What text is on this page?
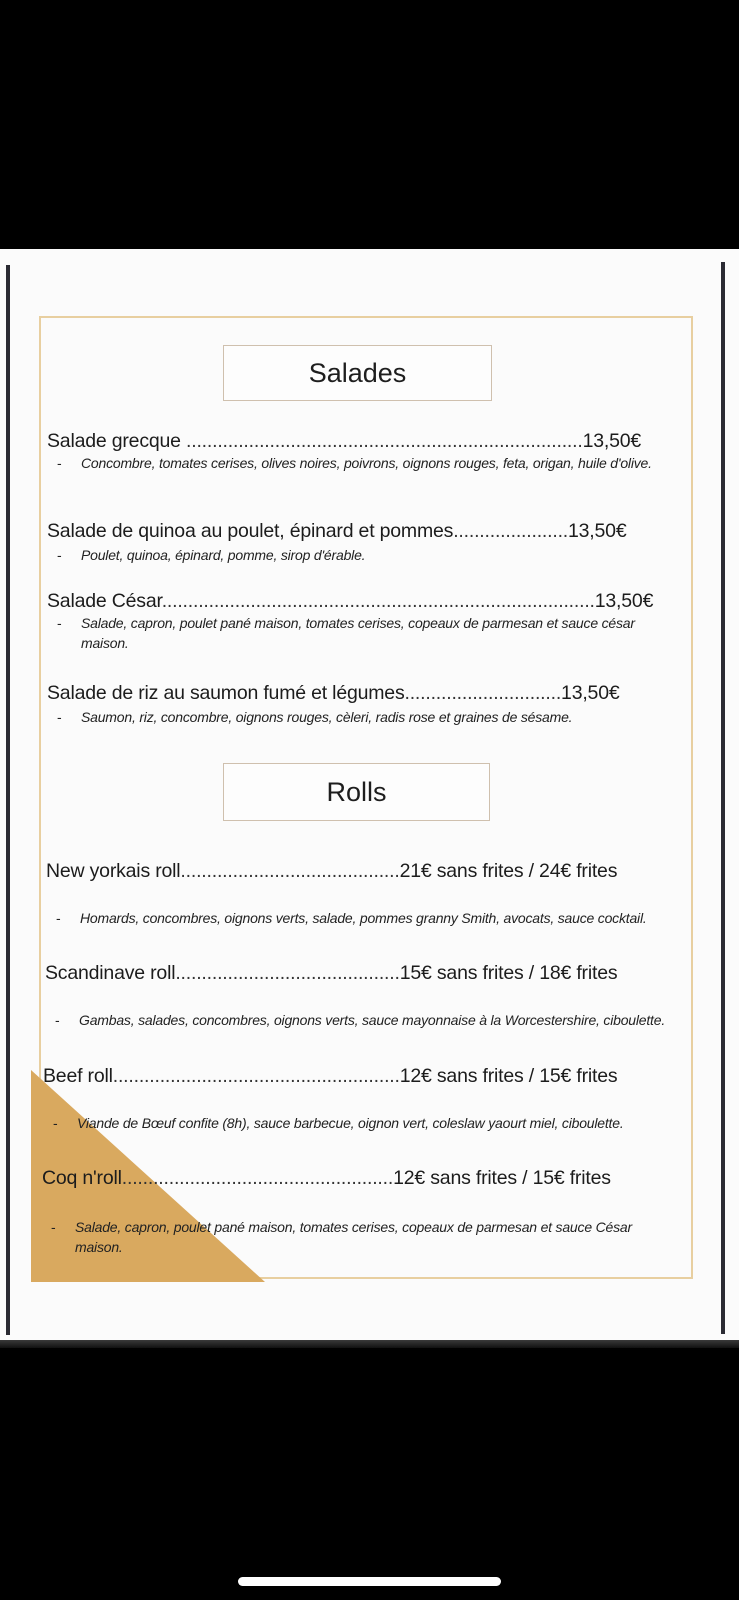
Salades
Salade grecque ............................................................................13,50€
- Concombre, tomates cerises, olives noires, poivrons, oignons rouges, feta, origan, huile d'olive.
Salade de quinoa au poulet, épinard et pommes......................13,50€
- Poulet, quinoa, épinard, pomme, sirop d'érable.
Salade César...................................................................................13,50€
- Salade, capron, poulet pané maison, tomates cerises, copeaux de parmesan et sauce césar maison.
Salade de riz au saumon fumé et légumes..............................13,50€
- Saumon, riz, concombre, oignons rouges, cèleri, radis rose et graines de sésame.
Rolls
New yorkais roll..........................................21€ sans frites / 24€ frites
- Homards, concombres, oignons verts, salade, pommes granny Smith, avocats, sauce cocktail.
Scandinave roll...........................................15€ sans frites / 18€ frites
- Gambas, salades, concombres, oignons verts, sauce mayonnaise à la Worcestershire, ciboulette.
Beef roll.......................................................12€ sans frites / 15€ frites
- Viande de Bœuf confite (8h), sauce barbecue, oignon vert, coleslaw yaourt miel, ciboulette.
Coq n'roll....................................................12€ sans frites / 15€ frites
- Salade, capron, poulet pané maison, tomates cerises, copeaux de parmesan et sauce César maison.
